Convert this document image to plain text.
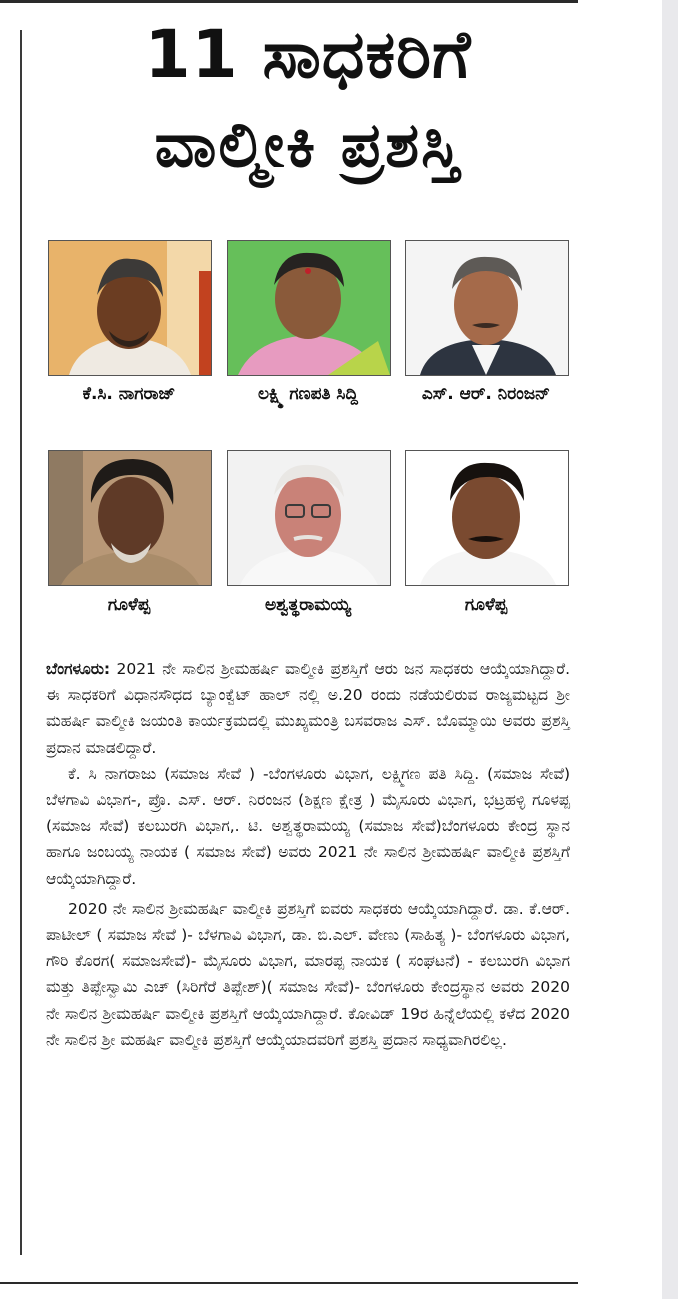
11 ಸಾಧಕರಿಗೆ
ವಾಲ್ಮೀಕಿ ಪ್ರಶಸ್ತಿ
ಕೆ.ಸಿ. ನಾಗರಾಜ್	ಲಕ್ಷ್ಮಿ ಗಣಪತಿ ಸಿದ್ದಿ	ಎಸ್. ಆರ್. ನಿರಂಜನ್
ಗೂಳೆಪ್ಪ	ಅಶ್ವತ್ಥರಾಮಯ್ಯ	ಗೂಳೆಪ್ಪ

ಬೆಂಗಳೂರು: 2021 ನೇ ಸಾಲಿನ ಶ್ರೀಮಹರ್ಷಿ ವಾಲ್ಮೀಕಿ ಪ್ರಶಸ್ತಿಗೆ ಆರು ಜನ ಸಾಧಕರು ಆಯ್ಕೆಯಾಗಿದ್ದಾರೆ. ಈ ಸಾಧಕರಿಗೆ ವಿಧಾನಸೌಧದ ಬ್ಯಾಂಕ್ವೆಟ್ ಹಾಲ್ ನಲ್ಲಿ ಅ.20 ರಂದು ನಡೆಯಲಿರುವ ರಾಜ್ಯಮಟ್ಟದ ಶ್ರೀ ಮಹರ್ಷಿ ವಾಲ್ಮೀಕಿ ಜಯಂತಿ ಕಾರ್ಯಕ್ರಮದಲ್ಲಿ ಮುಖ್ಯಮಂತ್ರಿ ಬಸವರಾಜ ಎಸ್. ಬೊಮ್ಮಾಯಿ ಅವರು ಪ್ರಶಸ್ತಿ ಪ್ರದಾನ ಮಾಡಲಿದ್ದಾರೆ.

ಕೆ. ಸಿ ನಾಗರಾಜು (ಸಮಾಜ ಸೇವೆ ) -ಬೆಂಗಳೂರು ವಿಭಾಗ, ಲಕ್ಷ್ಮಿಗಣ ಪತಿ ಸಿದ್ದಿ. (ಸಮಾಜ ಸೇವೆ) ಬೆಳಗಾವಿ ವಿಭಾಗ-, ಪ್ರೊ. ಎಸ್. ಆರ್. ನಿರಂಜನ (ಶಿಕ್ಷಣ ಕ್ಷೇತ್ರ ) ಮೈಸೂರು ವಿಭಾಗ, ಭಟ್ರಹಳ್ಳಿ ಗೂಳಪ್ಪ (ಸಮಾಜ ಸೇವೆ) ಕಲಬುರಗಿ ವಿಭಾಗ,. ಟಿ. ಅಶ್ವತ್ಥರಾಮಯ್ಯ (ಸಮಾಜ ಸೇವೆ)ಬೆಂಗಳೂರು ಕೇಂದ್ರ ಸ್ಥಾನ ಹಾಗೂ ಜಂಬಯ್ಯ ನಾಯಕ ( ಸಮಾಜ ಸೇವೆ) ಅವರು 2021 ನೇ ಸಾಲಿನ ಶ್ರೀಮಹರ್ಷಿ ವಾಲ್ಮೀಕಿ ಪ್ರಶಸ್ತಿಗೆ ಆಯ್ಕೆಯಾಗಿದ್ದಾರೆ.

2020 ನೇ ಸಾಲಿನ ಶ್ರೀಮಹರ್ಷಿ ವಾಲ್ಮೀಕಿ ಪ್ರಶಸ್ತಿಗೆ ಐವರು ಸಾಧಕರು ಆಯ್ಕೆಯಾಗಿದ್ದಾರೆ. ಡಾ. ಕೆ.ಆರ್. ಪಾಟೀಲ್ ( ಸಮಾಜ ಸೇವೆ )- ಬೆಳಗಾವಿ ವಿಭಾಗ, ಡಾ. ಬಿ.ಎಲ್. ವೇಣು (ಸಾಹಿತ್ಯ )- ಬೆಂಗಳೂರು ವಿಭಾಗ, ಗೌರಿ ಕೊರಗ( ಸಮಾಜಸೇವೆ)- ಮೈಸೂರು ವಿಭಾಗ, ಮಾರಪ್ಪ ನಾಯಕ ( ಸಂಘಟನೆ) - ಕಲಬುರಗಿ ವಿಭಾಗ ಮತ್ತು ತಿಪ್ಪೇಸ್ವಾಮಿ ಎಚ್ (ಸಿರಿಗೆರೆ ತಿಪ್ಪೇಶ್)( ಸಮಾಜ ಸೇವೆ)- ಬೆಂಗಳೂರು ಕೇಂದ್ರಸ್ಥಾನ ಅವರು 2020 ನೇ ಸಾಲಿನ ಶ್ರೀಮಹರ್ಷಿ ವಾಲ್ಮೀಕಿ ಪ್ರಶಸ್ತಿಗೆ ಆಯ್ಕೆಯಾಗಿದ್ದಾರೆ. ಕೋವಿಡ್ 19ರ ಹಿನ್ನೆಲೆಯಲ್ಲಿ ಕಳೆದ 2020 ನೇ ಸಾಲಿನ ಶ್ರೀ ಮಹರ್ಷಿ ವಾಲ್ಮೀಕಿ ಪ್ರಶಸ್ತಿಗೆ ಆಯ್ಕೆಯಾದವರಿಗೆ ಪ್ರಶಸ್ತಿ ಪ್ರದಾನ ಸಾಧ್ಯವಾಗಿರಲಿಲ್ಲ.
